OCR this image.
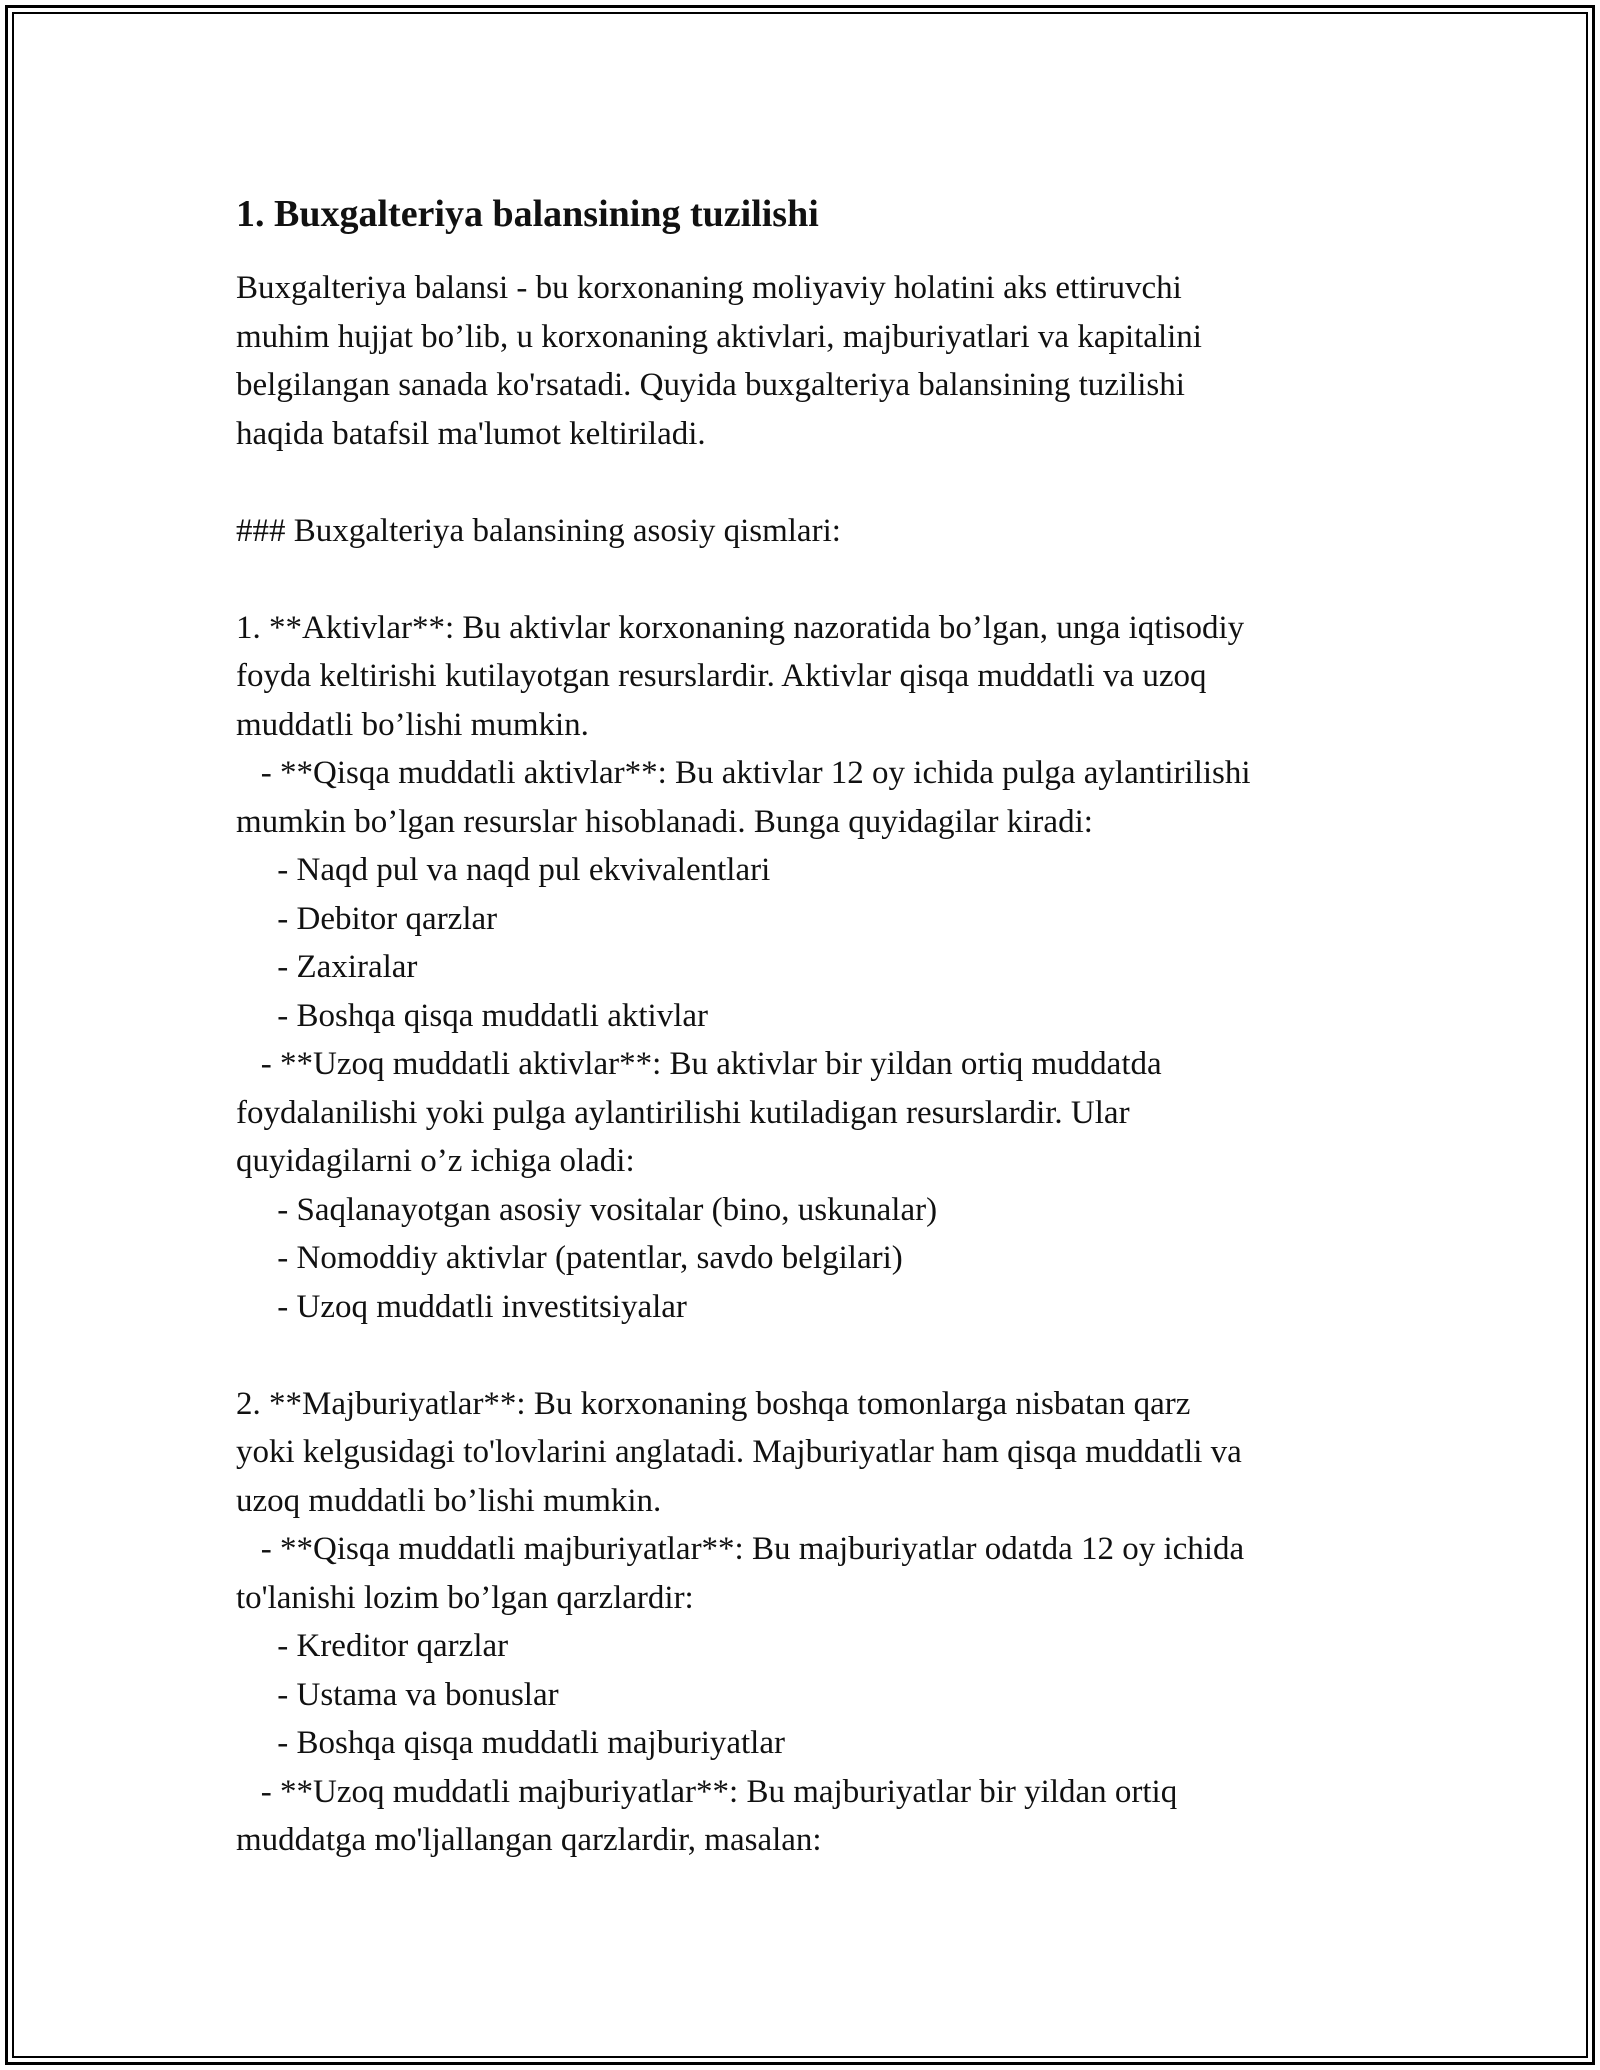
1. Buxgalteriya balansining tuzilishi
Buxgalteriya balansi - bu korxonaning moliyaviy holatini aks ettiruvchi
muhim hujjat bo’lib, u korxonaning aktivlari, majburiyatlari va kapitalini
belgilangan sanada ko'rsatadi. Quyida buxgalteriya balansining tuzilishi
haqida batafsil ma'lumot keltiriladi.
### Buxgalteriya balansining asosiy qismlari:
1. **Aktivlar**: Bu aktivlar korxonaning nazoratida bo’lgan, unga iqtisodiy
foyda keltirishi kutilayotgan resurslardir. Aktivlar qisqa muddatli va uzoq
muddatli bo’lishi mumkin.
- **Qisqa muddatli aktivlar**: Bu aktivlar 12 oy ichida pulga aylantirilishi
mumkin bo’lgan resurslar hisoblanadi. Bunga quyidagilar kiradi:
- Naqd pul va naqd pul ekvivalentlari
- Debitor qarzlar
- Zaxiralar
- Boshqa qisqa muddatli aktivlar
- **Uzoq muddatli aktivlar**: Bu aktivlar bir yildan ortiq muddatda
foydalanilishi yoki pulga aylantirilishi kutiladigan resurslardir. Ular
quyidagilarni o’z ichiga oladi:
- Saqlanayotgan asosiy vositalar (bino, uskunalar)
- Nomoddiy aktivlar (patentlar, savdo belgilari)
- Uzoq muddatli investitsiyalar
2. **Majburiyatlar**: Bu korxonaning boshqa tomonlarga nisbatan qarz
yoki kelgusidagi to'lovlarini anglatadi. Majburiyatlar ham qisqa muddatli va
uzoq muddatli bo’lishi mumkin.
- **Qisqa muddatli majburiyatlar**: Bu majburiyatlar odatda 12 oy ichida
to'lanishi lozim bo’lgan qarzlardir:
- Kreditor qarzlar
- Ustama va bonuslar
- Boshqa qisqa muddatli majburiyatlar
- **Uzoq muddatli majburiyatlar**: Bu majburiyatlar bir yildan ortiq
muddatga mo'ljallangan qarzlardir, masalan:
